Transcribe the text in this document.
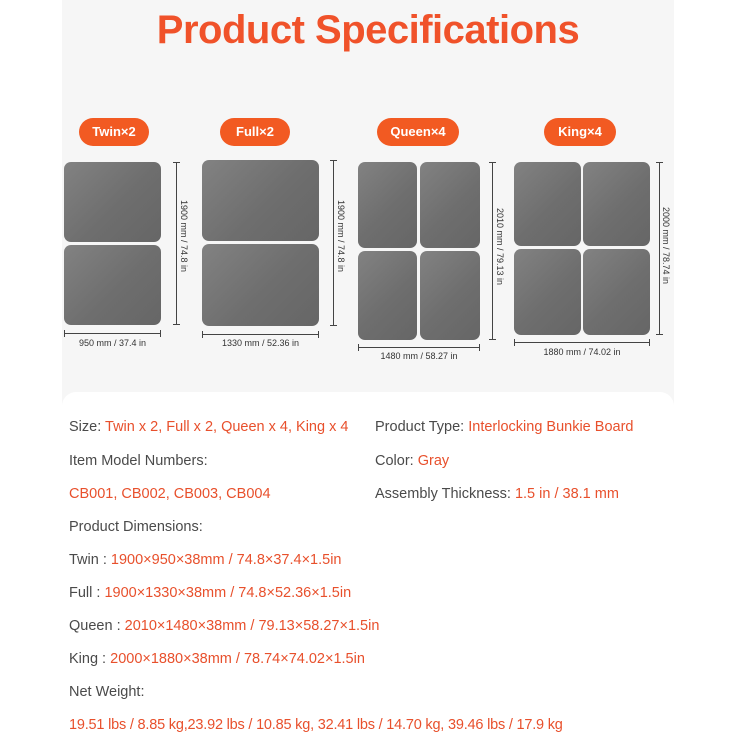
Product Specifications
Twin×2
1900 mm / 74.8 in
950 mm / 37.4 in
Full×2
1900 mm / 74.8 in
1330 mm / 52.36 in
Queen×4
2010 mm / 79.13 in
1480 mm / 58.27 in
King×4
2000 mm / 78.74 in
1880 mm / 74.02 in
Size: Twin x 2, Full x 2, Queen x 4, King x 4 Product Type: Interlocking Bunkie Board
Item Model Numbers:	Color: Gray
CB001, CB002, CB003, CB004	Assembly Thickness: 1.5 in / 38.1 mm
Product Dimensions:
Twin : 1900×950×38mm / 74.8×37.4×1.5in
Full : 1900×1330×38mm / 74.8×52.36×1.5in
Queen : 2010×1480×38mm / 79.13×58.27×1.5in
King : 2000×1880×38mm / 78.74×74.02×1.5in
Net Weight:
19.51 lbs / 8.85 kg,23.92 lbs / 10.85 kg, 32.41 lbs / 14.70 kg, 39.46 lbs / 17.9 kg
